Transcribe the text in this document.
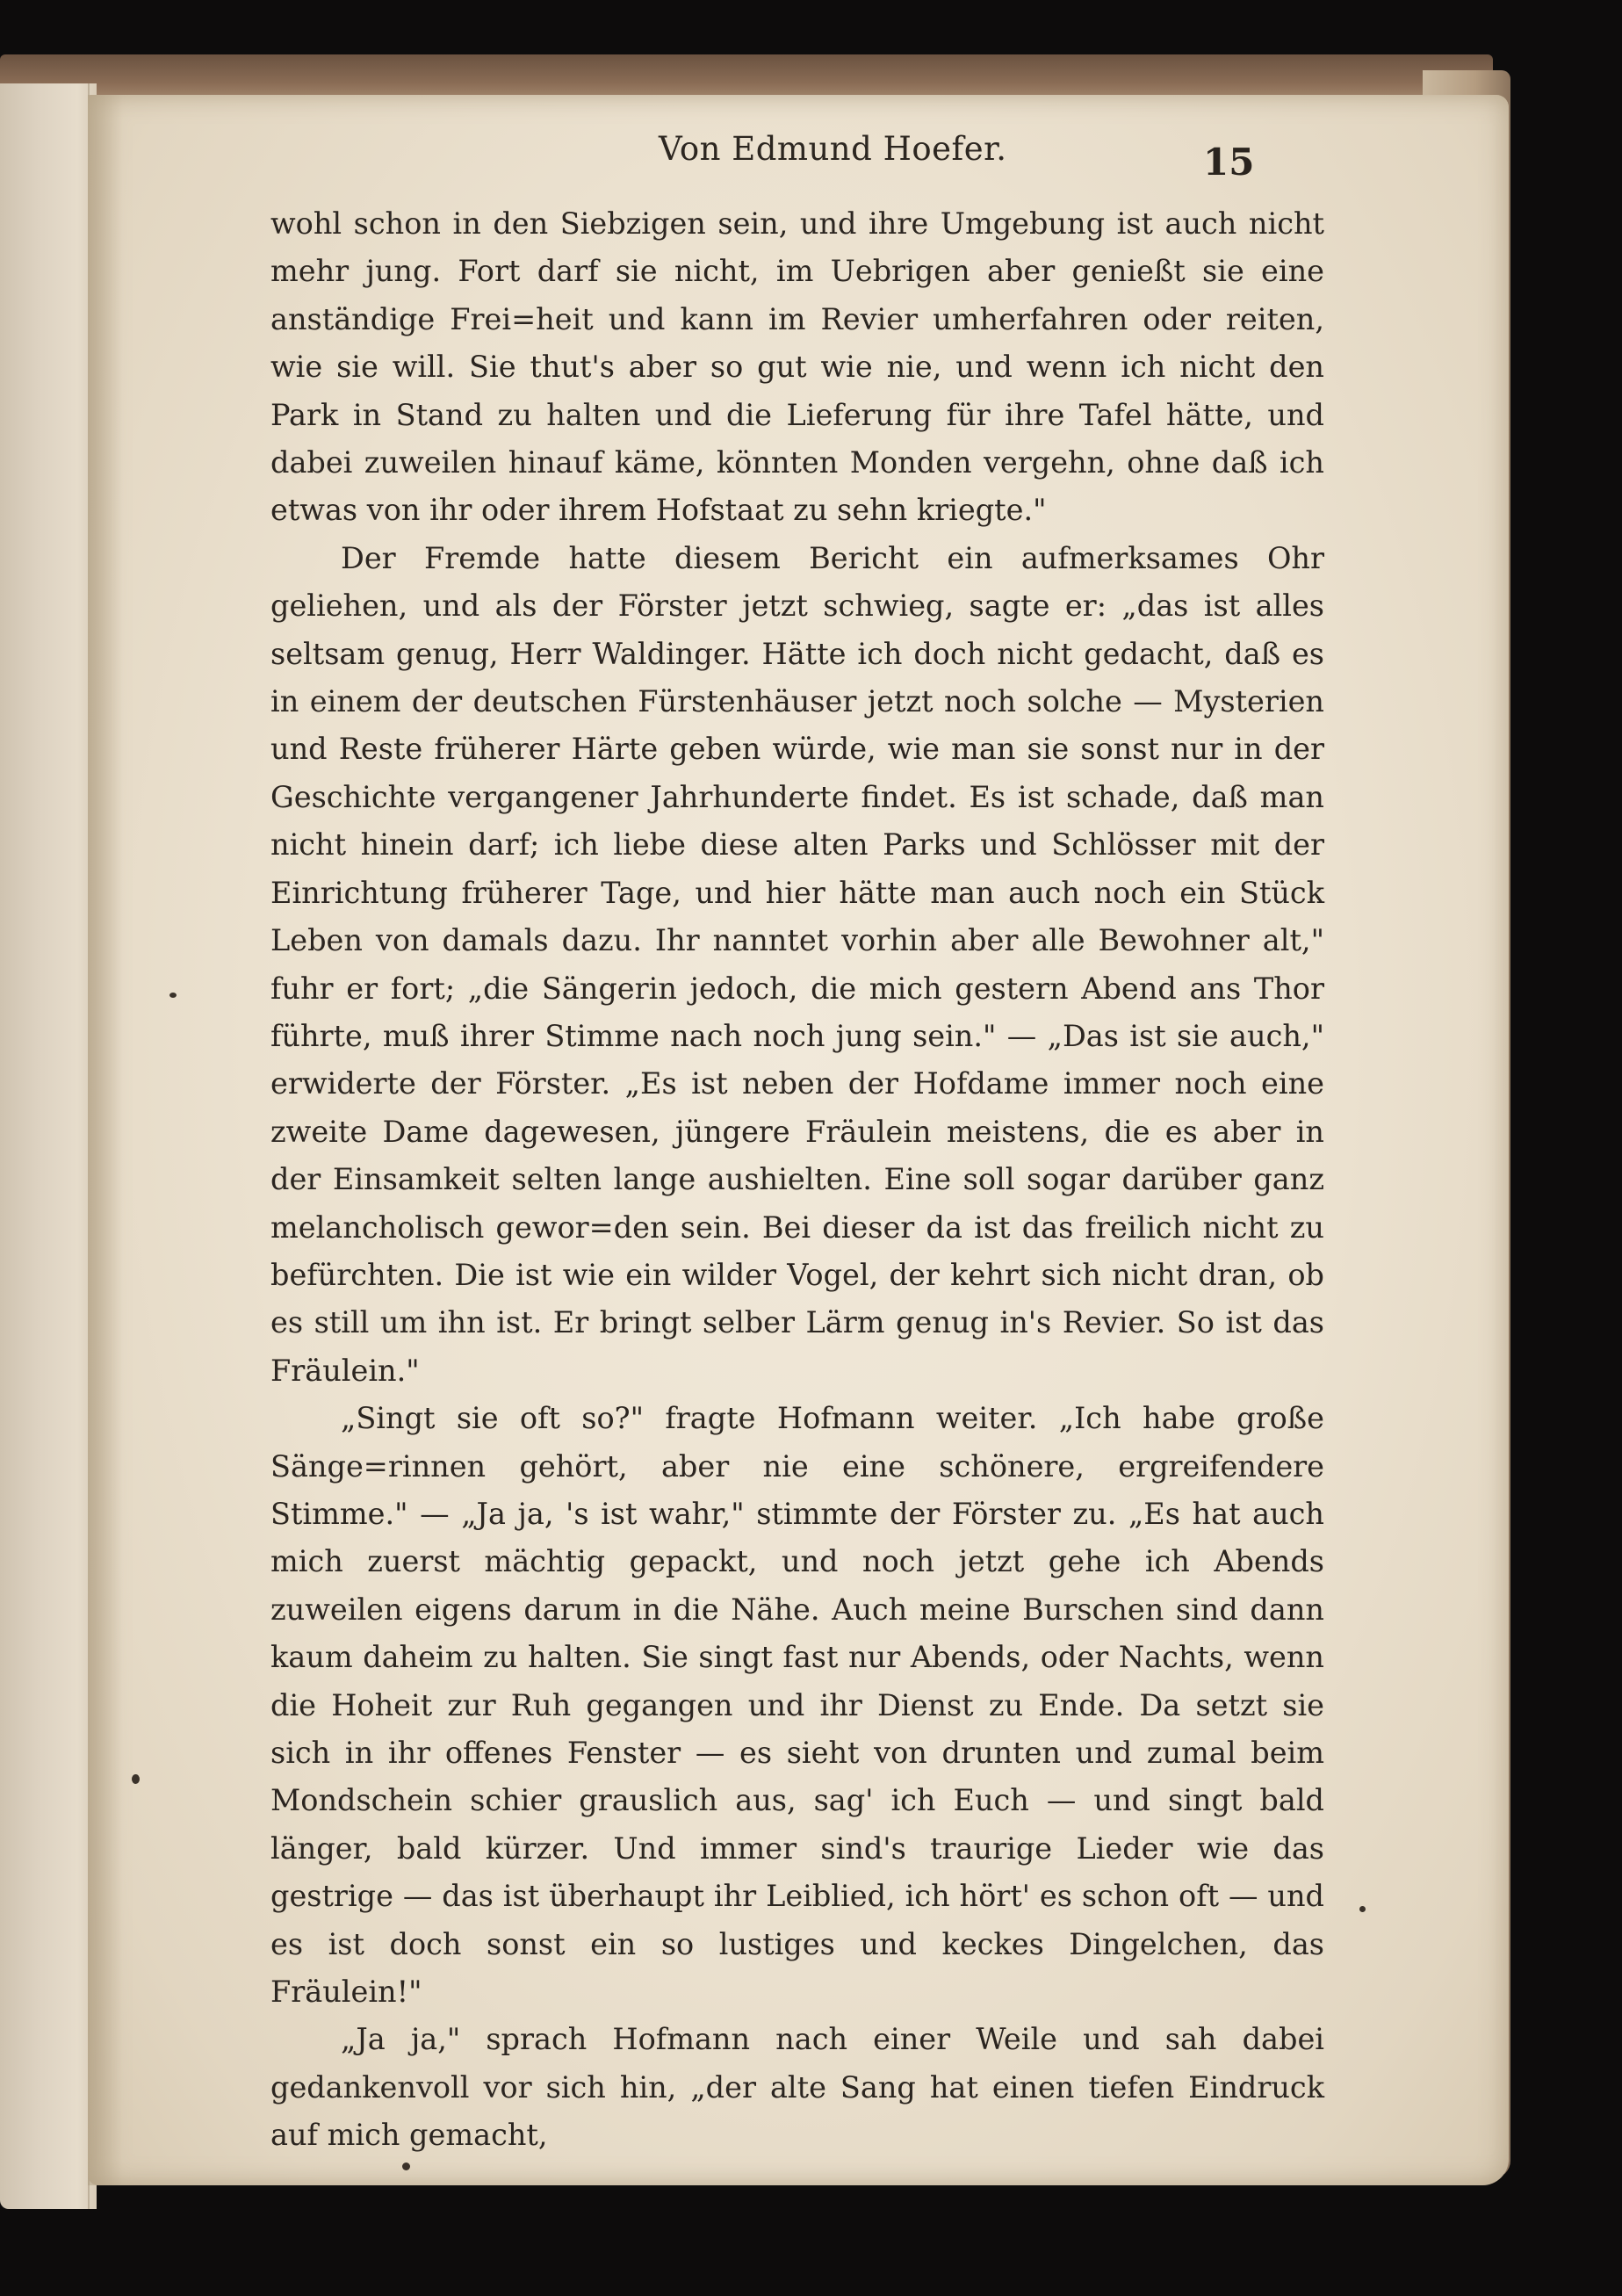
Von Edmund Hoefer.	15

wohl schon in den Siebzigen sein, und ihre Umgebung ist auch nicht mehr jung. Fort darf sie nicht, im Uebrigen aber genießt sie eine anständige Frei=heit und kann im Revier umherfahren oder reiten, wie sie will. Sie thut's aber so gut wie nie, und wenn ich nicht den Park in Stand zu halten und die Lieferung für ihre Tafel hätte, und dabei zuweilen hinauf käme, könnten Monden vergehn, ohne daß ich etwas von ihr oder ihrem Hofstaat zu sehn kriegte."

Der Fremde hatte diesem Bericht ein aufmerksames Ohr geliehen, und als der Förster jetzt schwieg, sagte er: „das ist alles seltsam genug, Herr Waldinger. Hätte ich doch nicht gedacht, daß es in einem der deutschen Fürstenhäuser jetzt noch solche — Mysterien und Reste früherer Härte geben würde, wie man sie sonst nur in der Geschichte vergangener Jahrhunderte findet. Es ist schade, daß man nicht hinein darf; ich liebe diese alten Parks und Schlösser mit der Einrichtung früherer Tage, und hier hätte man auch noch ein Stück Leben von damals dazu. Ihr nanntet vorhin aber alle Bewohner alt," fuhr er fort; „die Sängerin jedoch, die mich gestern Abend ans Thor führte, muß ihrer Stimme nach noch jung sein." — „Das ist sie auch," erwiderte der Förster. „Es ist neben der Hofdame immer noch eine zweite Dame dagewesen, jüngere Fräulein meistens, die es aber in der Einsamkeit selten lange aushielten. Eine soll sogar darüber ganz melancholisch gewor=den sein. Bei dieser da ist das freilich nicht zu befürchten. Die ist wie ein wilder Vogel, der kehrt sich nicht dran, ob es still um ihn ist. Er bringt selber Lärm genug in's Revier. So ist das Fräulein."

„Singt sie oft so?" fragte Hofmann weiter. „Ich habe große Sänge=rinnen gehört, aber nie eine schönere, ergreifendere Stimme." — „Ja ja, 's ist wahr," stimmte der Förster zu. „Es hat auch mich zuerst mächtig gepackt, und noch jetzt gehe ich Abends zuweilen eigens darum in die Nähe. Auch meine Burschen sind dann kaum daheim zu halten. Sie singt fast nur Abends, oder Nachts, wenn die Hoheit zur Ruh gegangen und ihr Dienst zu Ende. Da setzt sie sich in ihr offenes Fenster — es sieht von drunten und zumal beim Mondschein schier grauslich aus, sag' ich Euch — und singt bald länger, bald kürzer. Und immer sind's traurige Lieder wie das gestrige — das ist überhaupt ihr Leiblied, ich hört' es schon oft — und es ist doch sonst ein so lustiges und keckes Dingelchen, das Fräulein!"

„Ja ja," sprach Hofmann nach einer Weile und sah dabei gedankenvoll vor sich hin, „der alte Sang hat einen tiefen Eindruck auf mich gemacht,
